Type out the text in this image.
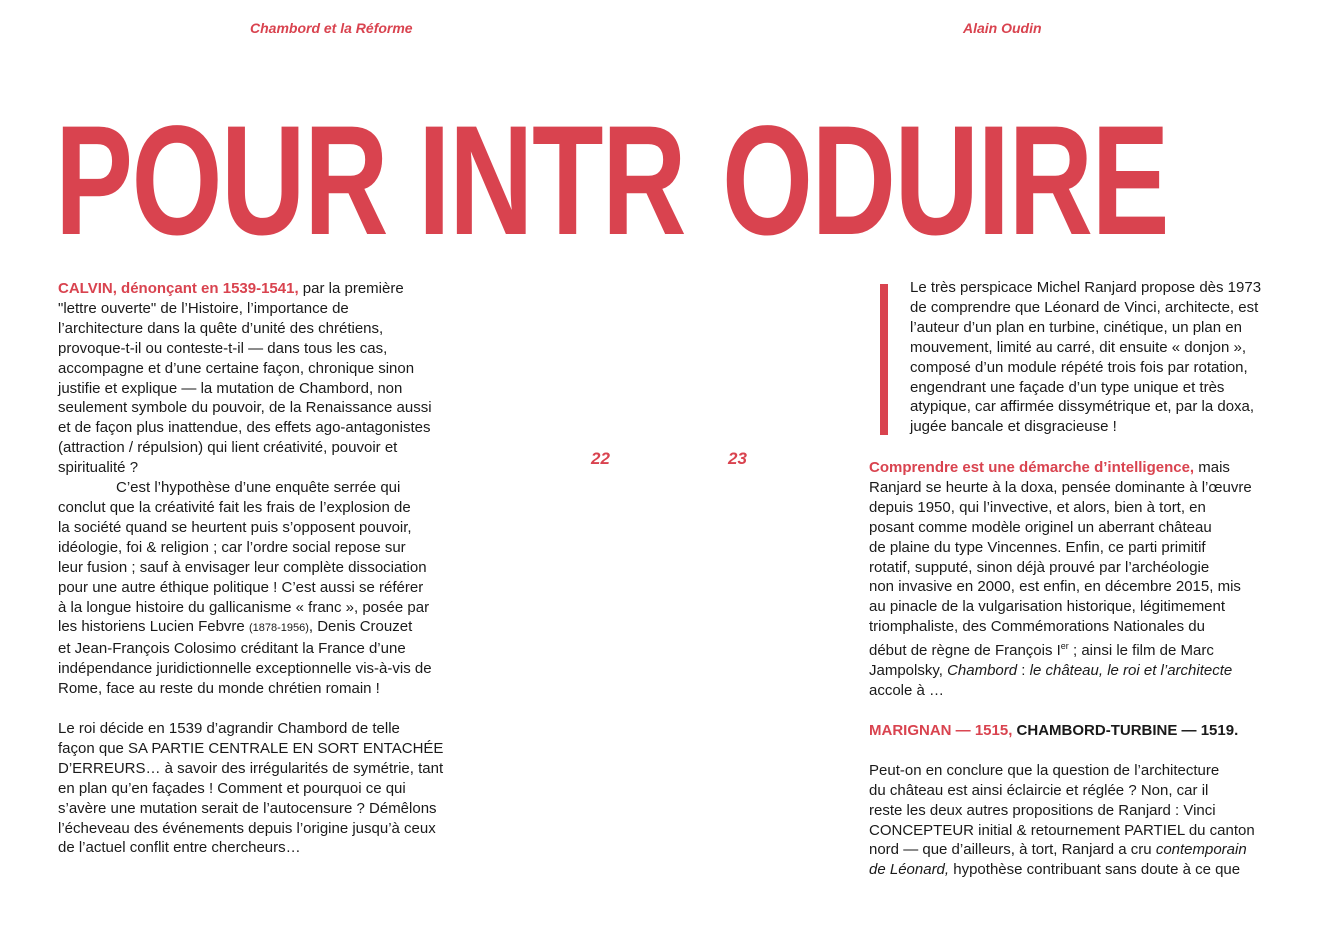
Chambord et la Réforme	Alain Oudin
POUR INTR ODUIRE
22	23

CALVIN, dénonçant en 1539-1541, par la première
"lettre ouverte" de l’Histoire, l’importance de
l’architecture dans la quête d’unité des chrétiens,
provoque-t-il ou conteste-t-il — dans tous les cas,
accompagne et d’une certaine façon, chronique sinon
justifie et explique — la mutation de Chambord, non
seulement symbole du pouvoir, de la Renaissance aussi
et de façon plus inattendue, des effets ago-antagonistes
(attraction / répulsion) qui lient créativité, pouvoir et
spiritualité ?

C’est l’hypothèse d’une enquête serrée qui
conclut que la créativité fait les frais de l’explosion de
la société quand se heurtent puis s’opposent pouvoir,
idéologie, foi & religion ; car l’ordre social repose sur
leur fusion ; sauf à envisager leur complète dissociation
pour une autre éthique politique ! C’est aussi se référer
à la longue histoire du gallicanisme « franc », posée par
les historiens Lucien Febvre (1878-1956), Denis Crouzet
et Jean-François Colosimo créditant la France d’une
indépendance juridictionnelle exceptionnelle vis-à-vis de
Rome, face au reste du monde chrétien romain !

Le roi décide en 1539 d’agrandir Chambord de telle
façon que SA PARTIE CENTRALE EN SORT ENTACHÉE
D’ERREURS… à savoir des irrégularités de symétrie, tant
en plan qu’en façades ! Comment et pourquoi ce qui
s’avère une mutation serait de l’autocensure ? Démêlons
l’écheveau des événements depuis l’origine jusqu’à ceux
de l’actuel conflit entre chercheurs…

Le très perspicace Michel Ranjard propose dès 1973
de comprendre que Léonard de Vinci, architecte, est
l’auteur d’un plan en turbine, cinétique, un plan en
mouvement, limité au carré, dit ensuite « donjon »,
composé d’un module répété trois fois par rotation,
engendrant une façade d’un type unique et très
atypique, car affirmée dissymétrique et, par la doxa,
jugée bancale et disgracieuse !

Comprendre est une démarche d’intelligence, mais
Ranjard se heurte à la doxa, pensée dominante à l’œuvre
depuis 1950, qui l’invective, et alors, bien à tort, en
posant comme modèle originel un aberrant château
de plaine du type Vincennes. Enfin, ce parti primitif
rotatif, supputé, sinon déjà prouvé par l’archéologie
non invasive en 2000, est enfin, en décembre 2015, mis
au pinacle de la vulgarisation historique, légitimement
triomphaliste, des Commémorations Nationales du
début de règne de François Ier ; ainsi le film de Marc
Jampolsky, Chambord : le château, le roi et l’architecte
accole à …

MARIGNAN — 1515, CHAMBORD-TURBINE — 1519.

Peut-on en conclure que la question de l’architecture
du château est ainsi éclaircie et réglée ? Non, car il
reste les deux autres propositions de Ranjard : Vinci
CONCEPTEUR initial & retournement PARTIEL du canton
nord — que d’ailleurs, à tort, Ranjard a cru contemporain
de Léonard, hypothèse contribuant sans doute à ce que
